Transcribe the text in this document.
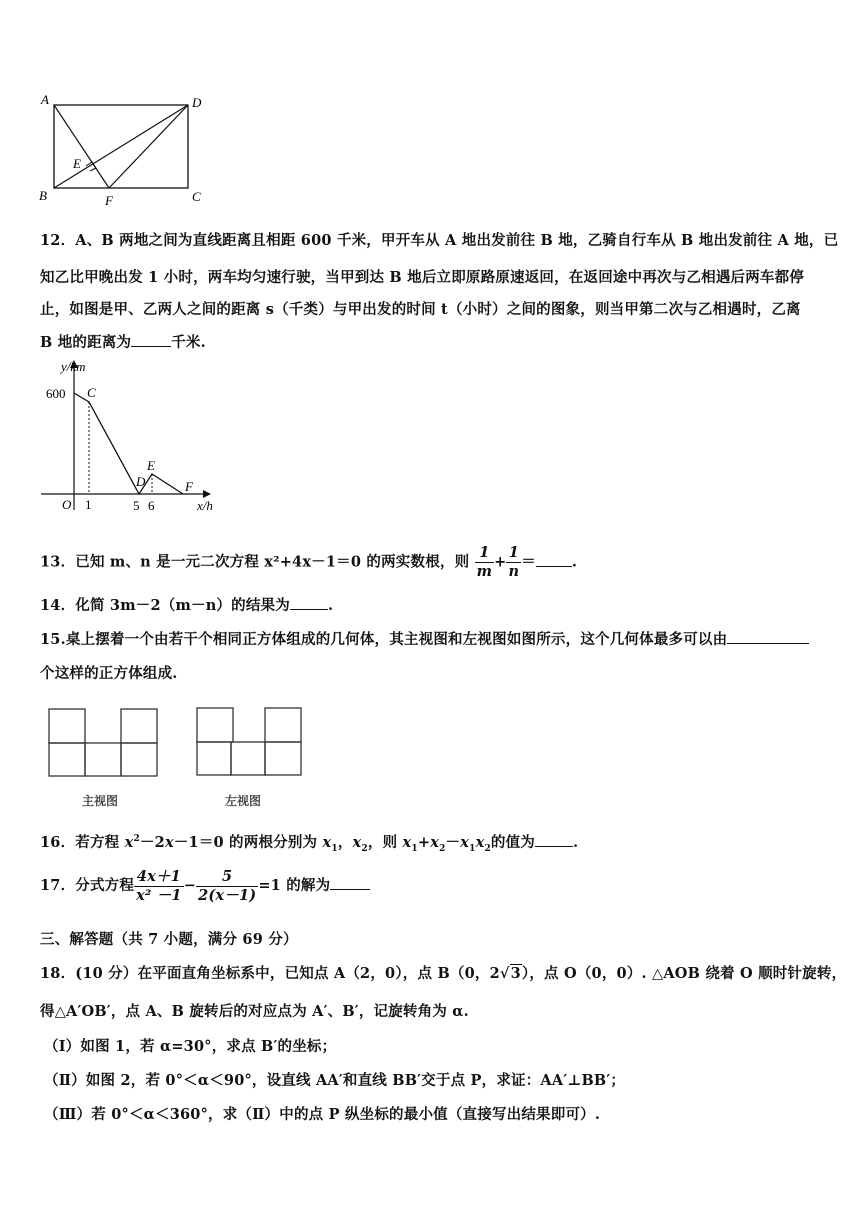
A	D
B	C
E
F
12．A、B 两地之间为直线距离且相距 600 千米，甲开车从 A 地出发前往 B 地，乙骑自行车从 B 地出发前往 A 地，已
知乙比甲晚出发 1 小时，两车均匀速行驶，当甲到达 B 地后立即原路原速返回，在返回途中再次与乙相遇后两车都停
止，如图是甲、乙两人之间的距离 s（千类）与甲出发的时间 t（小时）之间的图象，则当甲第二次与乙相遇时，乙离
B 地的距离为	千米.
y/km
x/h
600
O 1	5 6
C
D
E
F
13．已知 m、n 是一元二次方程 x²+4x－1＝0 的两实数根，则 $\frac{1}{m} + \frac{1}{n}$ ＝ .
14．化简 3m－2（m－n）的结果为	.
15.桌上摆着一个由若干个相同正方体组成的几何体，其主视图和左视图如图所示，这个几何体最多可以由
个这样的正方体组成.
主视图	左视图
16．若方程 $x^2-2x-1=0$ 的两根分别为 $x_1$，$x_2$，则 $x_1+x_2-x_1x_2$的值为	.
17．分式方程 $\frac{4x+1}{\text{x² －1}} - \frac{5}{2(x-1)} =1$ 的解为
三、解答题（共 7 小题，满分 69 分）
18．(10 分）在平面直角坐标系中，已知点 A（2，0），点 B（0，2√3），点 O（0，0）. △AOB 绕着 O 顺时针旋转，
得△A′OB′，点 A、B 旋转后的对应点为 A′、B′，记旋转角为 α.
（Ⅰ）如图 1，若 α=30°，求点 B′的坐标；
（Ⅱ）如图 2，若 0°＜α＜90°，设直线 AA′和直线 BB′交于点 P，求证：AA′⊥BB′；
（Ⅲ）若 0°＜α＜360°，求（Ⅱ）中的点 P 纵坐标的最小值（直接写出结果即可）.
